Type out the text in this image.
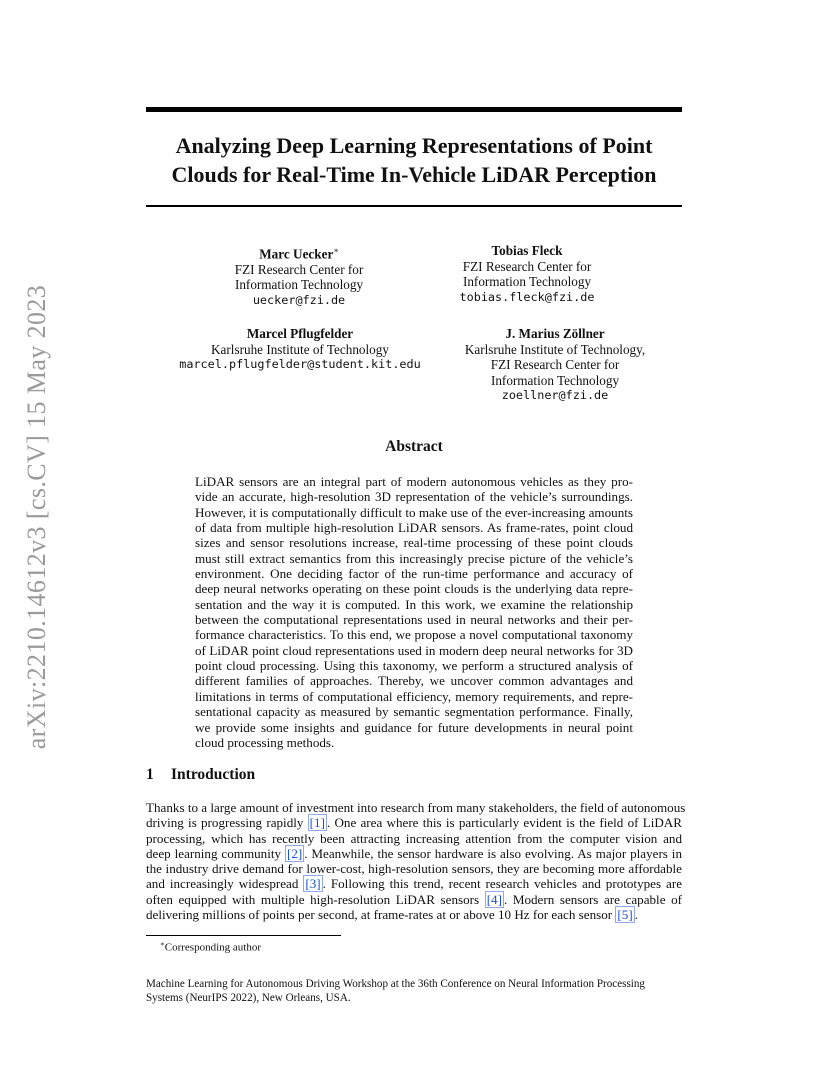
arXiv:2210.14612v3 [cs.CV] 15 May 2023
Analyzing Deep Learning Representations of Point
Clouds for Real-Time In-Vehicle LiDAR Perception
Marc Uecker∗
FZI Research Center for
Information Technology
uecker@fzi.de
Tobias Fleck
FZI Research Center for
Information Technology
tobias.fleck@fzi.de
Marcel Pflugfelder
Karlsruhe Institute of Technology
marcel.pflugfelder@student.kit.edu
J. Marius Zöllner
Karlsruhe Institute of Technology,
FZI Research Center for
Information Technology
zoellner@fzi.de
Abstract
LiDAR sensors are an integral part of modern autonomous vehicles as they pro-
vide an accurate, high-resolution 3D representation of the vehicle’s surroundings.
However, it is computationally difficult to make use of the ever-increasing amounts
of data from multiple high-resolution LiDAR sensors. As frame-rates, point cloud
sizes and sensor resolutions increase, real-time processing of these point clouds
must still extract semantics from this increasingly precise picture of the vehicle’s
environment. One deciding factor of the run-time performance and accuracy of
deep neural networks operating on these point clouds is the underlying data repre-
sentation and the way it is computed. In this work, we examine the relationship
between the computational representations used in neural networks and their per-
formance characteristics. To this end, we propose a novel computational taxonomy
of LiDAR point cloud representations used in modern deep neural networks for 3D
point cloud processing. Using this taxonomy, we perform a structured analysis of
different families of approaches. Thereby, we uncover common advantages and
limitations in terms of computational efficiency, memory requirements, and repre-
sentational capacity as measured by semantic segmentation performance. Finally,
we provide some insights and guidance for future developments in neural point
cloud processing methods.
1 Introduction
Thanks to a large amount of investment into research from many stakeholders, the field of autonomous
driving is progressing rapidly [1] . One area where this is particularly evident is the field of LiDAR
processing, which has recently been attracting increasing attention from the computer vision and
deep learning community [2] . Meanwhile, the sensor hardware is also evolving. As major players in
the industry drive demand for lower-cost, high-resolution sensors, they are becoming more affordable
and increasingly widespread [3] . Following this trend, recent research vehicles and prototypes are
often equipped with multiple high-resolution LiDAR sensors [4] . Modern sensors are capable of
delivering millions of points per second, at frame-rates at or above 10 Hz for each sensor [5] .
∗Corresponding author
Machine Learning for Autonomous Driving Workshop at the 36th Conference on Neural Information Processing
Systems (NeurIPS 2022), New Orleans, USA.
